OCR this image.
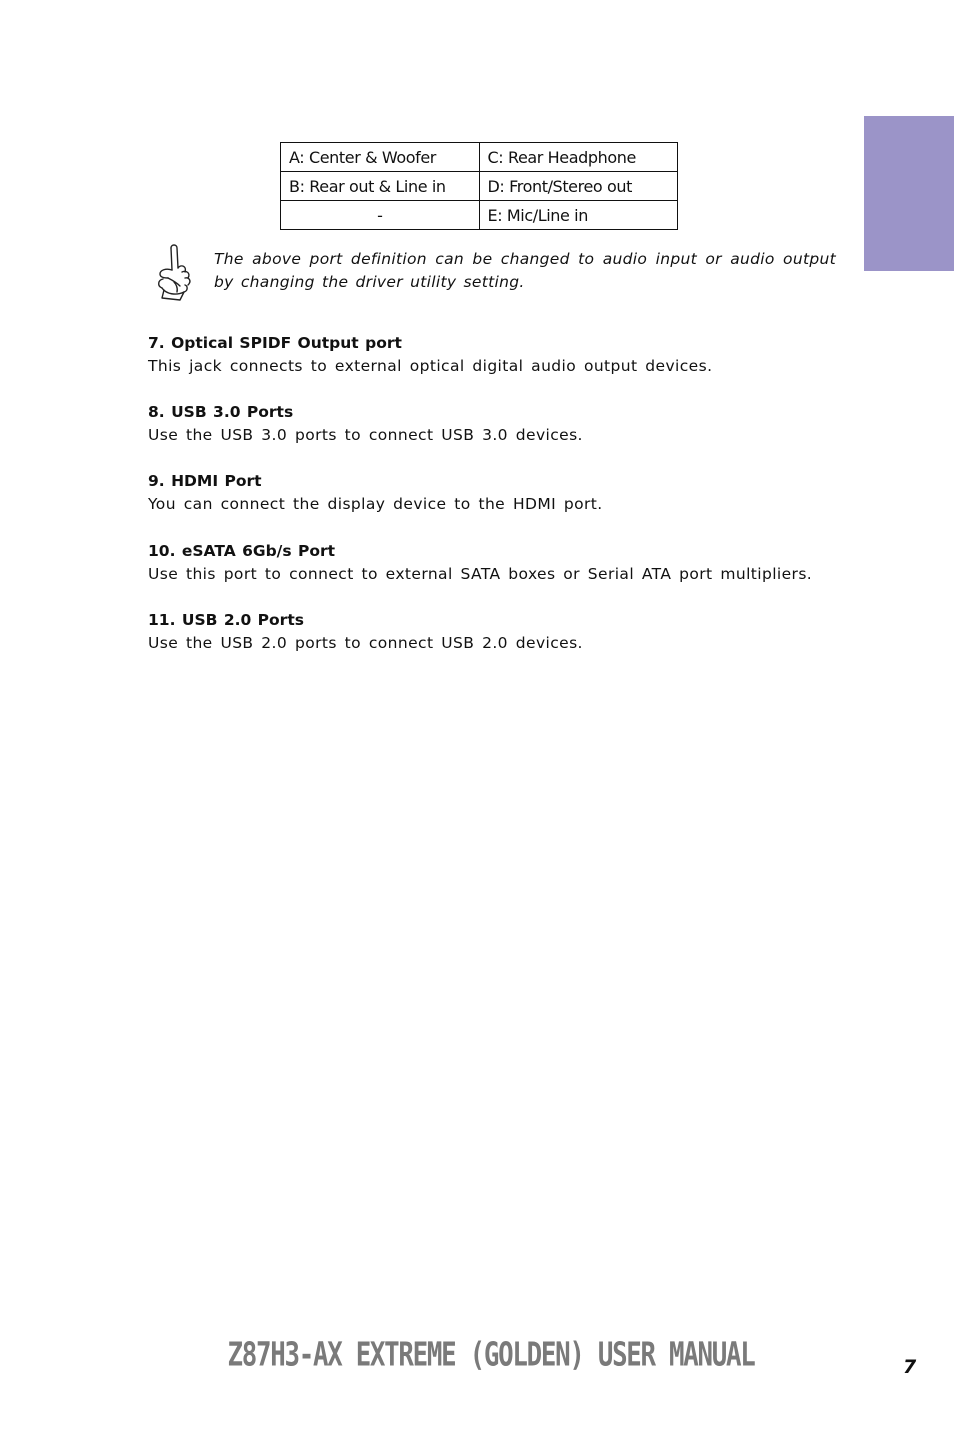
A: Center & Woofer	C: Rear Headphone
B: Rear out & Line in	D: Front/Stereo out
-	E: Mic/Line in
The above port definition can be changed to audio input or audio output by changing the driver utility setting.
7. Optical SPIDF Output port
This jack connects to external optical digital audio output devices.
8. USB 3.0 Ports
Use the USB 3.0 ports to connect USB 3.0 devices.
9. HDMI Port
You can connect the display device to the HDMI port.
10. eSATA 6Gb/s Port
Use this port to connect to external SATA boxes or Serial ATA port multipliers.
11. USB 2.0 Ports
Use the USB 2.0 ports to connect USB 2.0 devices.
Z87H3-AX EXTREME (GOLDEN) USER MANUAL	7
